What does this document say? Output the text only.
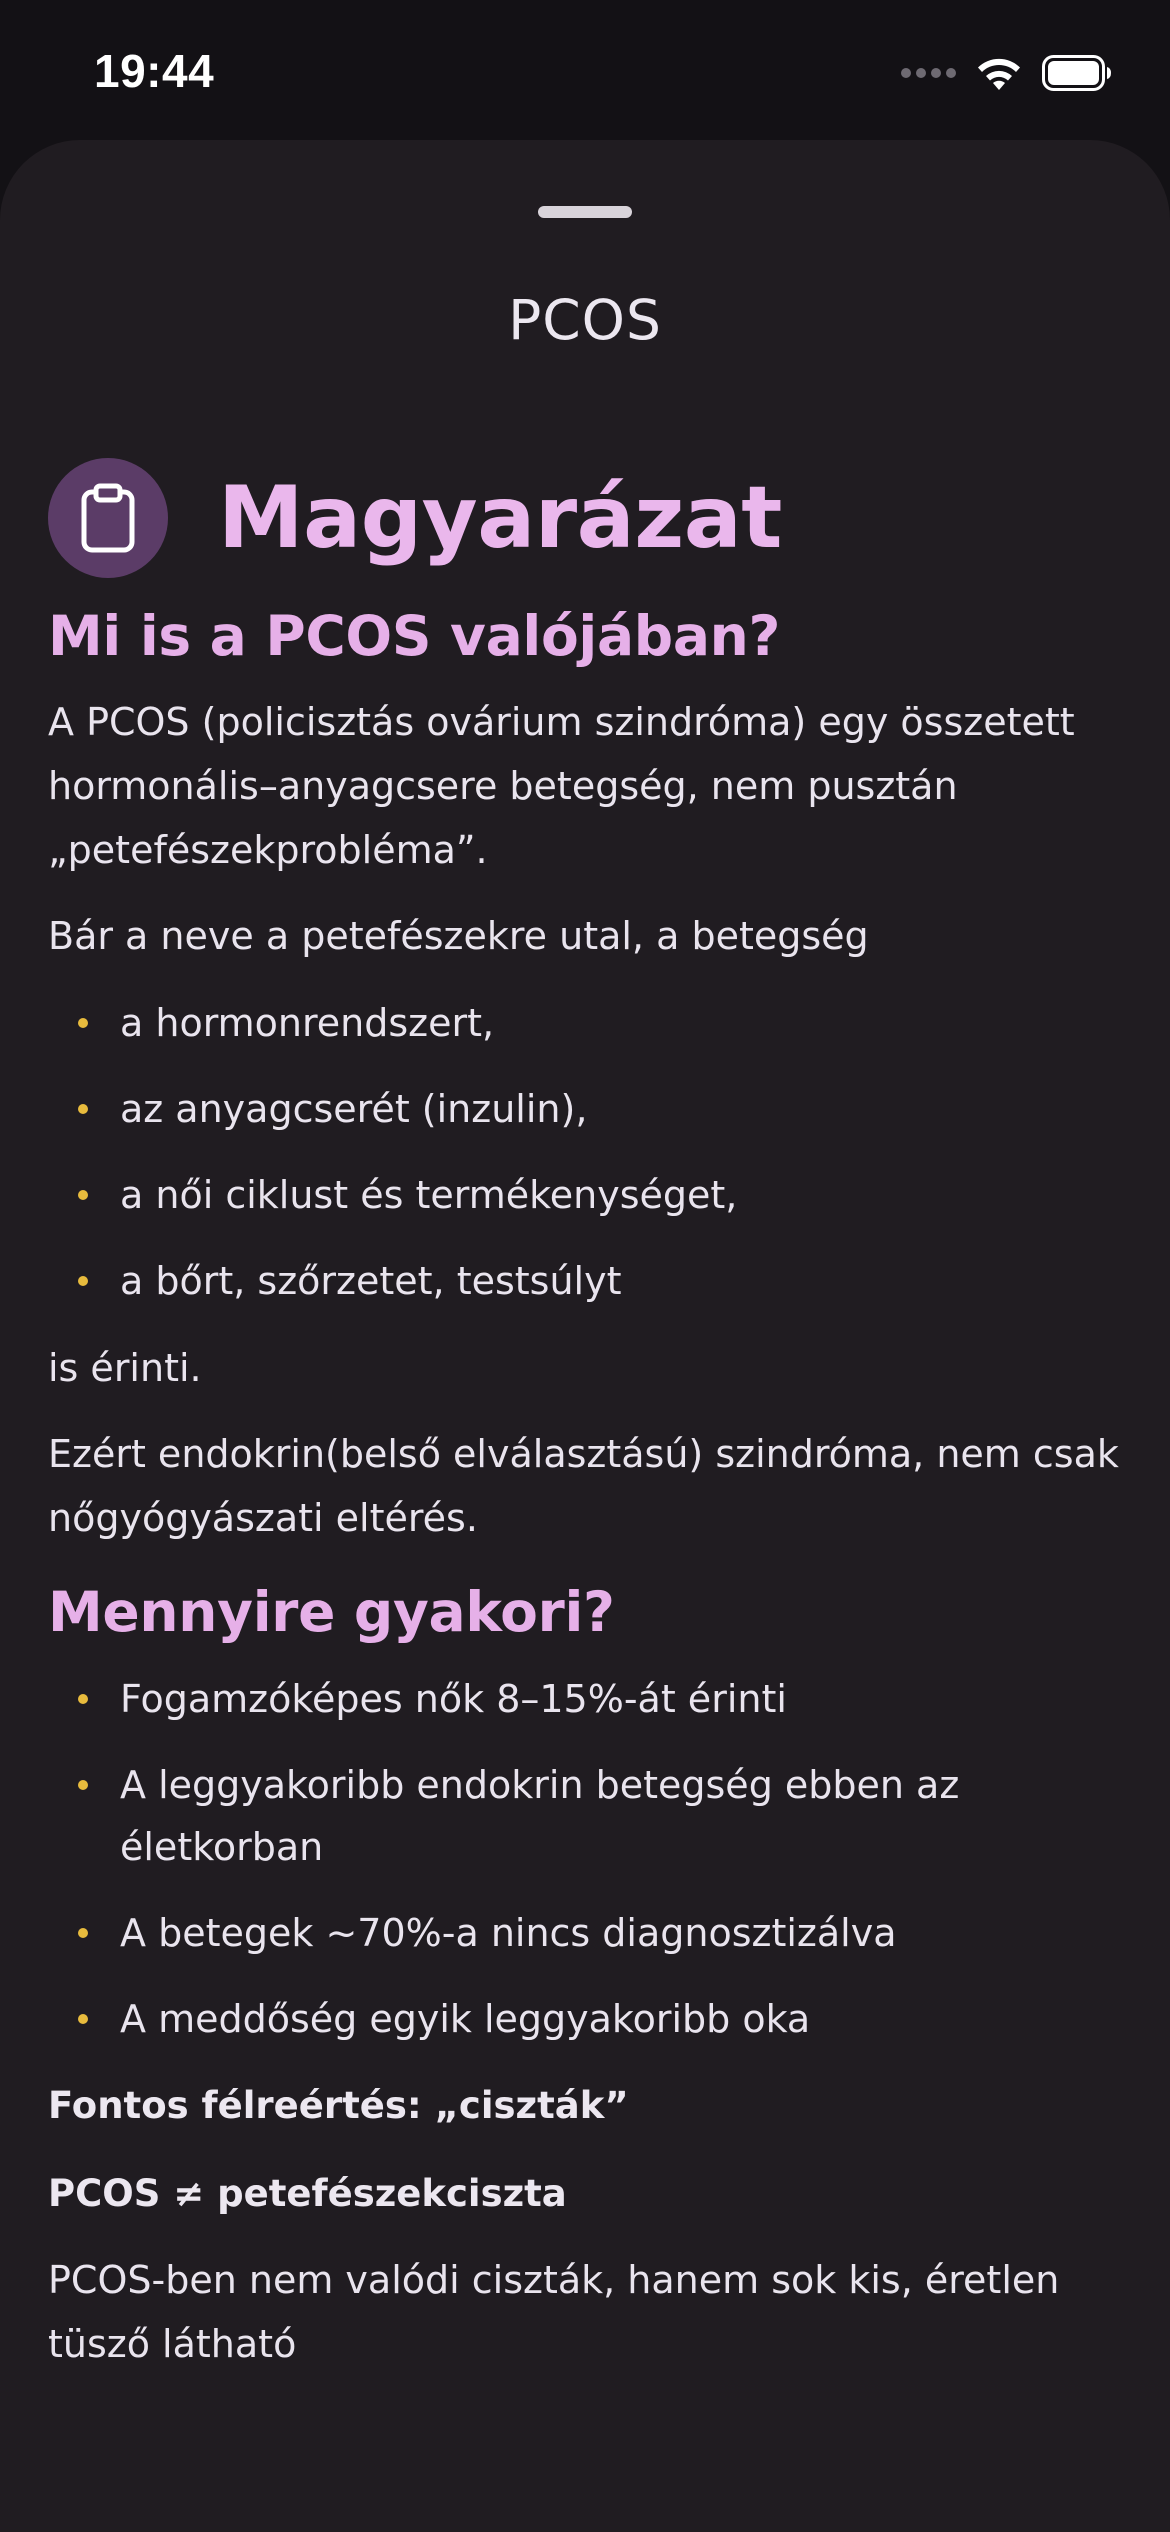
19:44
PCOS
Magyarázat
Mi is a PCOS valójában?
A PCOS (policisztás ovárium szindróma) egy összetett hormonális–anyagcsere betegség, nem pusztán „petefészekprobléma”.
Bár a neve a petefészekre utal, a betegség
a hormonrendszert,
az anyagcserét (inzulin),
a női ciklust és termékenységet,
a bőrt, szőrzetet, testsúlyt
is érinti.
Ezért endokrin(belső elválasztású) szindróma, nem csak nőgyógyászati eltérés.
Mennyire gyakori?
Fogamzóképes nők 8–15%-át érinti
A leggyakoribb endokrin betegség ebben az életkorban
A betegek ~70%-a nincs diagnosztizálva
A meddőség egyik leggyakoribb oka
Fontos félreértés: „ciszták”
PCOS ≠ petefészekciszta
PCOS-ben nem valódi ciszták, hanem sok kis, éretlen tüsző látható
